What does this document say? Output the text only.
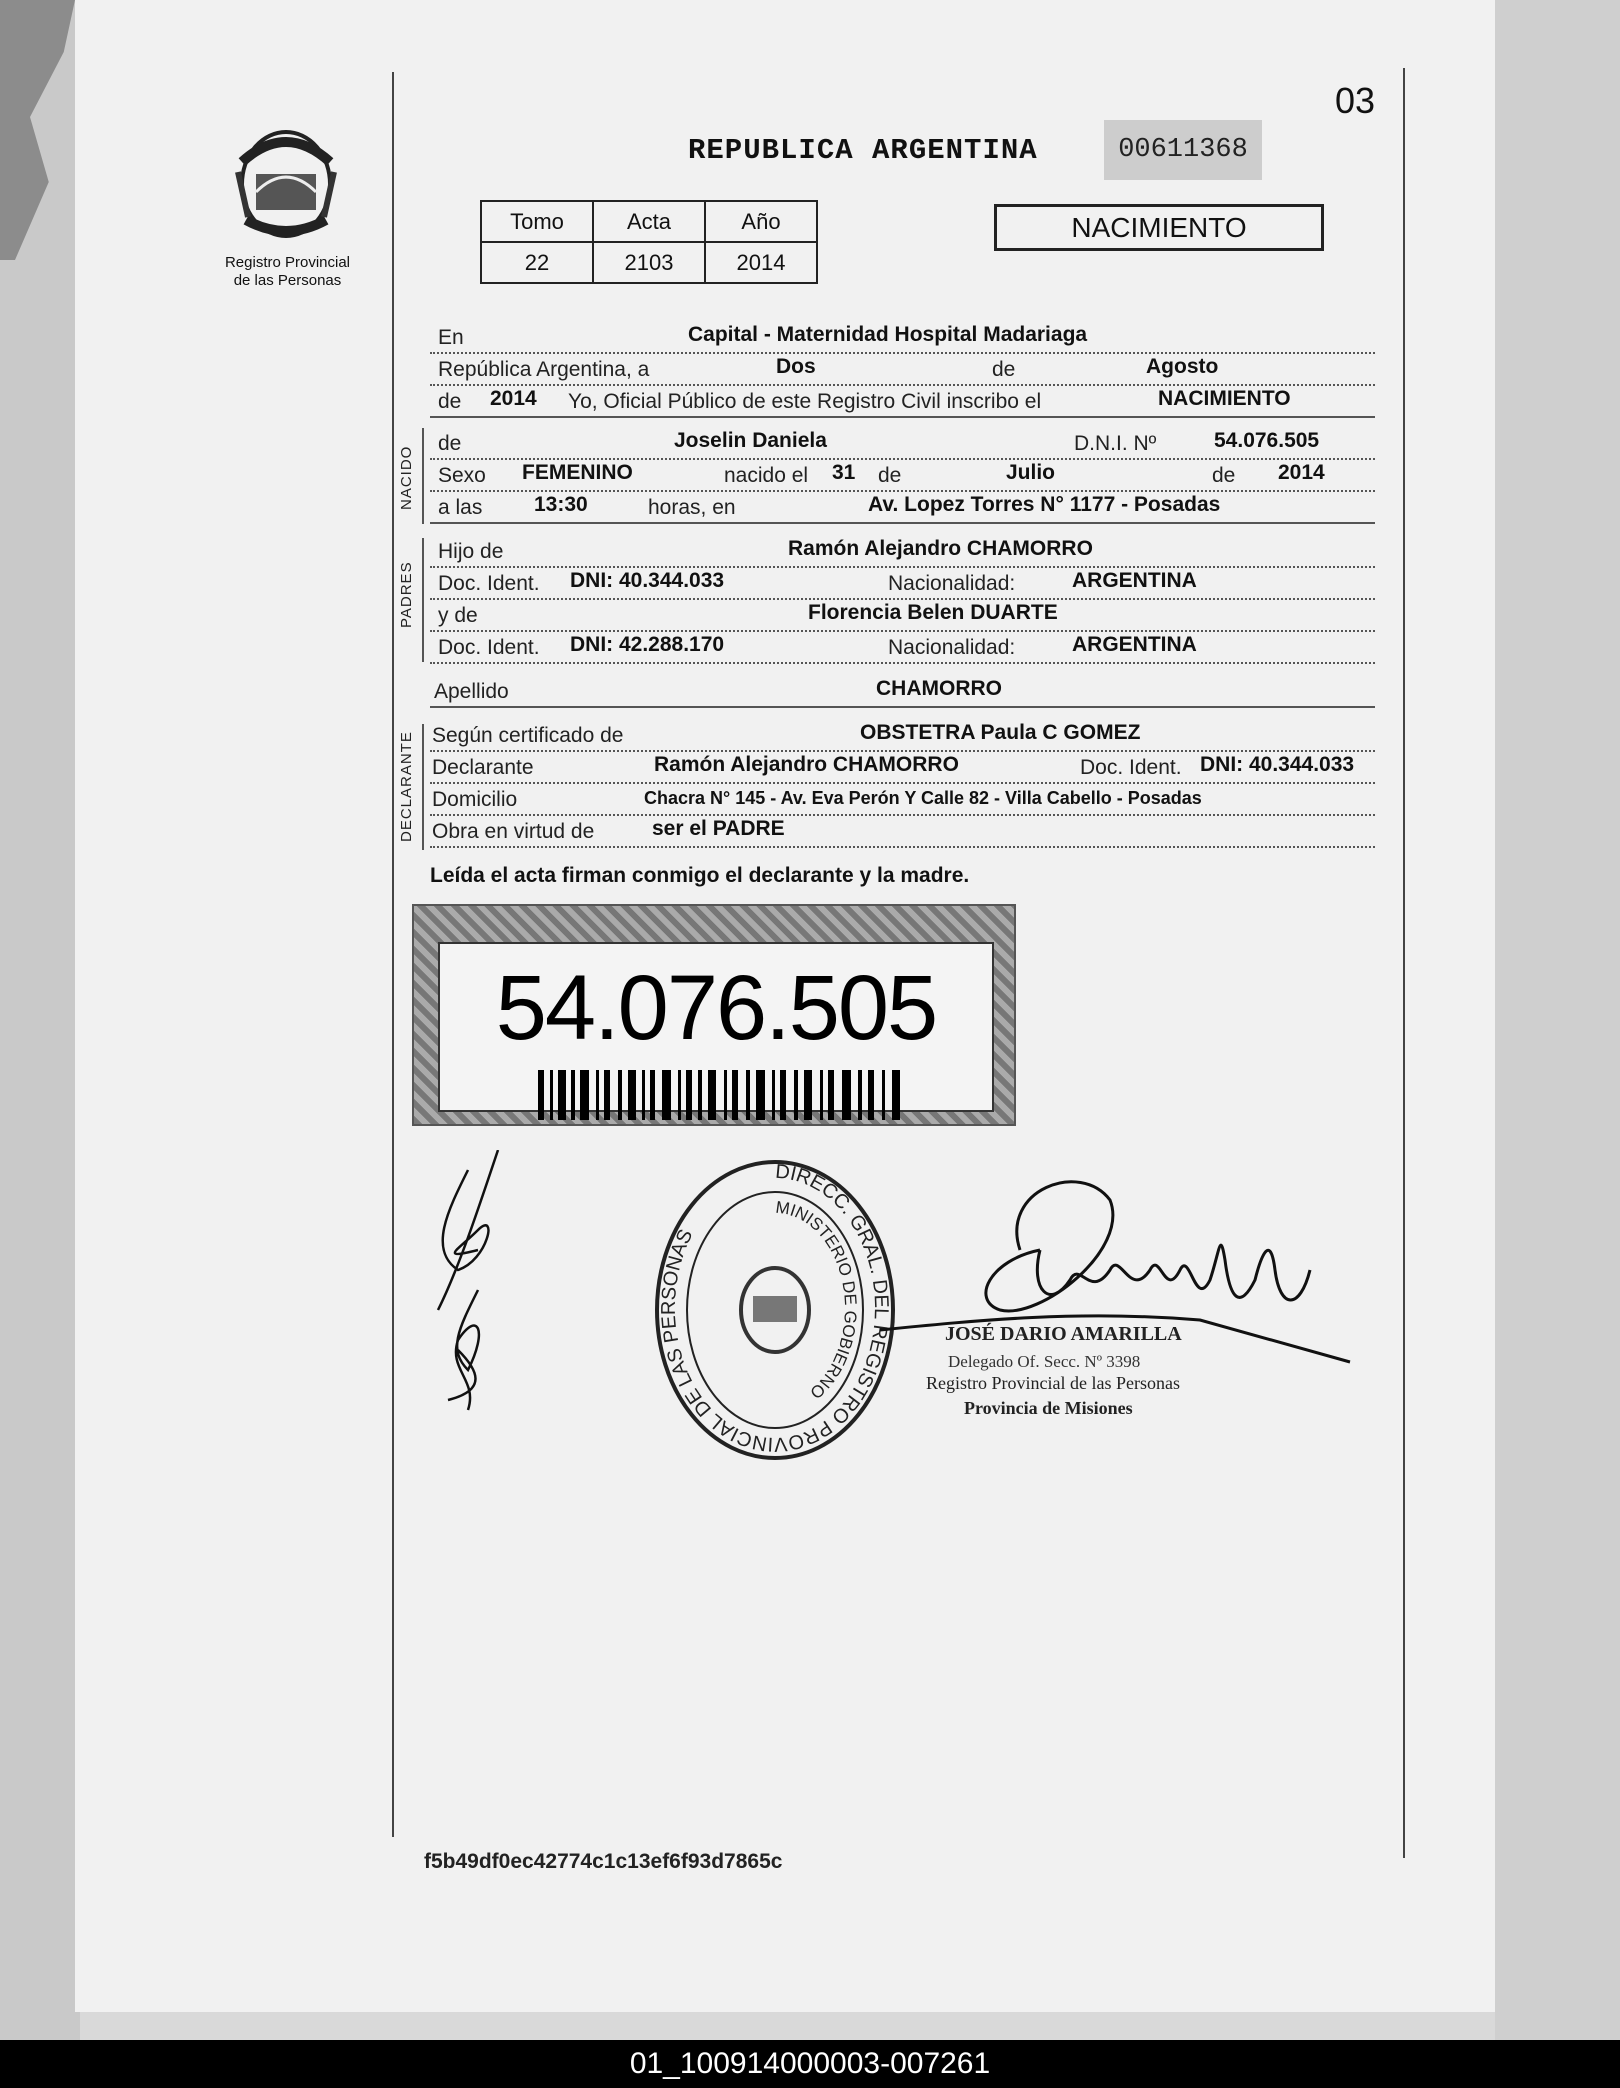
Registro Provincial
de las Personas
03
REPUBLICA ARGENTINA	00611368
Tomo	Acta	Año
22	2103	2014
NACIMIENTO
En	Capital - Maternidad Hospital Madariaga
República Argentina, a	Dos	de	Agosto
de 2014 Yo, Oficial Público de este Registro Civil inscribo el	NACIMIENTO
NACIDO
de	Joselin Daniela	D.N.I. Nº	54.076.505
Sexo FEMENINO	nacido el 31 de	Julio	de 2014
a las 13:30	horas, en	Av. Lopez Torres N° 1177 - Posadas
PADRES
Hijo de	Ramón Alejandro CHAMORRO
Doc. Ident. DNI: 40.344.033	Nacionalidad:	ARGENTINA
y de	Florencia Belen DUARTE
Doc. Ident. DNI: 42.288.170	Nacionalidad:	ARGENTINA
Apellido	CHAMORRO
DECLARANTE Según certificado de	OBSTETRA Paula C GOMEZ
Declarante	Ramón Alejandro CHAMORRO	Doc. Ident. DNI: 40.344.033
Domicilio	Chacra N° 145 - Av. Eva Perón Y Calle 82 - Villa Cabello - Posadas
Obra en virtud de	ser el PADRE
Leída el acta firman conmigo el declarante y la madre.
54.076.505
DIRECC. GRAL. DEL REGISTRO PROVINCIAL DE LAS PERSONAS
MINISTERIO DE GOBIERNO
JOSÉ DARIO AMARILLA
Delegado Of. Secc. Nº 3398
Registro Provincial de las Personas
Provincia de Misiones
f5b49df0ec42774c1c13ef6f93d7865c
01_100914000003-007261
